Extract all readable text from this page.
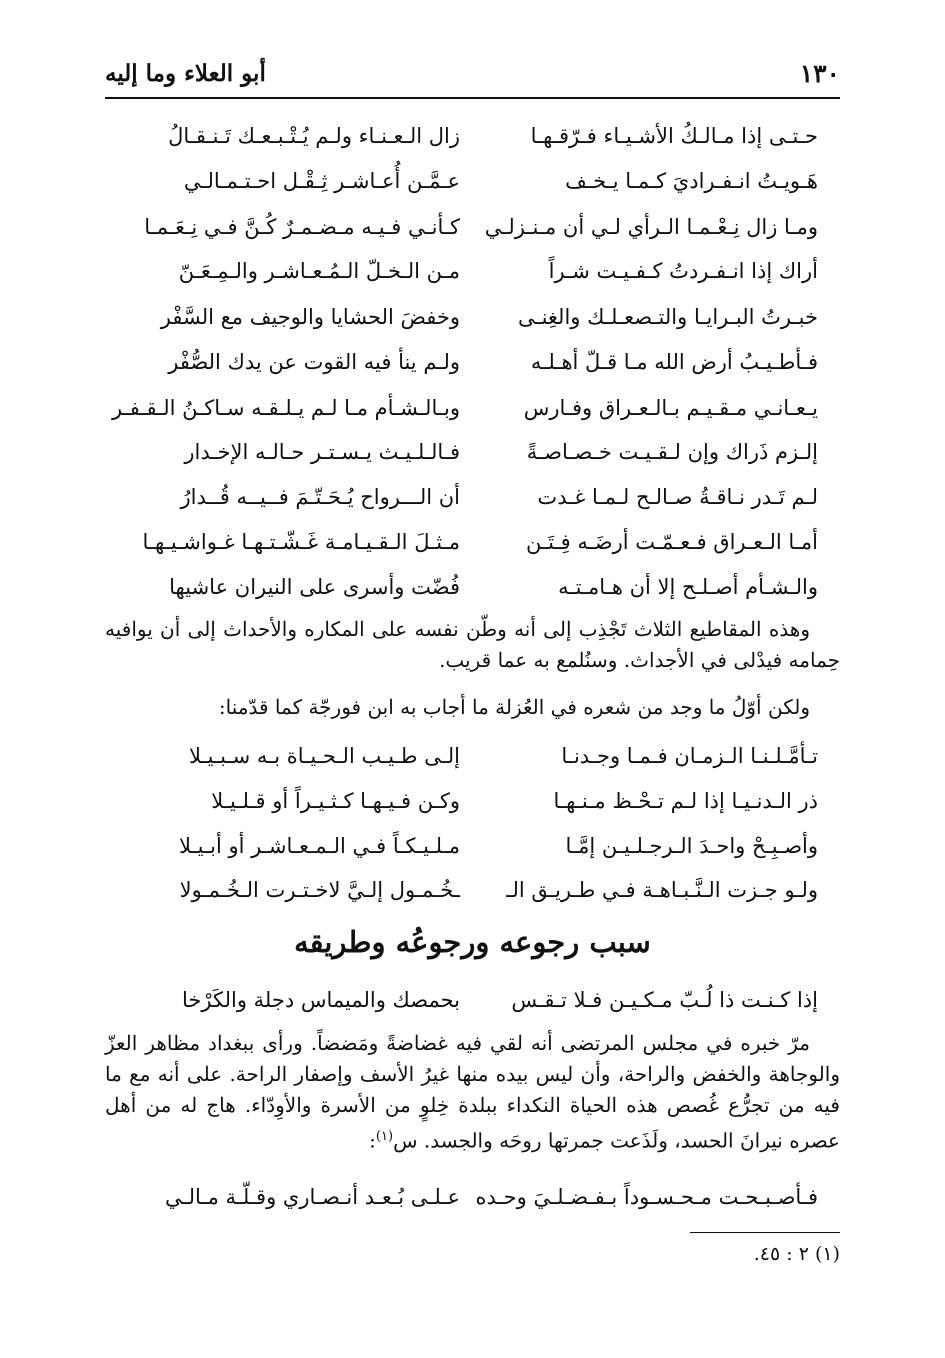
١٣٠
أبو العلاء وما إليه
حـتـى إذا مـالـكُ الأشـيـاء فـرّقـهـا
زال الـعـنـاء ولـم يُـتْـبـعـك تَـنـقـالُ
هَـويـتُ انـفـراديَ كـمـا يـخـف
عـمَّـن أُعـاشـر ثِـقْـل احـتـمـالـي
ومـا زال نِـعْـمـا الـرأي لـي أن مـنـزلـي
كـأنـي فـيـه مـضـمـرٌ كُـنَّ فـي نِـعَـمـا
أراك إذا انـفـردتُ كـفـيـت شـراً
مـن الـخـلّ الـمُـعـاشـر والـمِـعَـنّ
خبـرتُ البـرايـا والتـصعـلـك والغِنـى
وخفضَ الحشايا والوجيف مع السَّفْر
فـأطـيـبُ أرض الله مـا قـلّ أهـلـه
ولـم ينأ فيه القوت عن يدك الصُّفْر
يـعـانـي مـقـيـم بـالـعـراق وفـارس
وبـالـشـأم مـا لـم يـلـقـه سـاكـنُ الـقـفـر
إلـزم ذَراك وإن لـقـيـت خـصـاصـةً
فـالـلـيـث يـسـتـر حـالـه الإخـدار
لـم تَـدر نـاقـةُ صـالـح لـمـا غـدت
أن الـــرواح يُـحَـتّـمَ فــيــه قُــدارُ
أمـا الـعـراق فـعـمّـت أرضَـه فِـتَـن
مـثـلَ الـقـيـامـة غَـشّـتـهـا غـواشـيـهـا
والـشـأم أصـلـح إلا أن هـامـتـه
فُضّت وأسرى على النيران عاشيها
وهذه المقاطيع الثلاث تَجْذِب إلى أنه وطّن نفسه على المكاره والأحداث إلى أن يوافيه حِمامه فيدْلى في الأجداث. وسنُلمع به عما قريب.
ولكن أوّلُ ما وجد من شعره في العُزلة ما أجاب به ابن فورجّة كما قدّمنا:
تـأمَّـلـنـا الـزمـان فـمـا وجـدنـا
إلـى طـيـب الـحـيـاة بـه سـبـيـلا
ذر الـدنـيـا إذا لـم تـحْـظ مـنـهـا
وكـن فـيـهـا كـثـيـراً أو قـلـيـلا
وأصـبِـحْ واحـدَ الـرجـلـيـن إمَّـا
مـلـيـكـاً فـي الـمـعـاشـر أو أبـيـلا
ولـو جـزت الـنَّـبـاهـة فـي طـريـق الـ
ـخُـمـول إلـيَّ لاخـتـرت الـخُـمـولا
سبب رجوعه ورجوعُه وطريقه
إذا كـنـت ذا لُـبّ مـكـيـن فـلا تـقـس
بحمصك والميماس دجلة والكَرْخا
مرّ خبره في مجلس المرتضى أنه لقي فيه غضاضةً ومَضضاً. ورأى ببغداد مظاهر العزّ والوجاهة والخفض والراحة، وأن ليس بيده منها غيرُ الأسف وإصفار الراحة. على أنه مع ما فيه من تجرُّع غُصص هذه الحياة النكداء ببلدة خِلوٍ من الأسرة والأوِدّاء. هاج له من أهل عصره نيرانَ الحسد، ولَذَعت جمرتها روحَه والجسد. س$^{(١)}$:
فـأصـبـحـت مـحـسـوداً بـفـضـلـيَ وحـده
عـلـى بُـعـد أنـصـاري وقـلّـة مـالـي
(١) ٢ : ٤٥.
